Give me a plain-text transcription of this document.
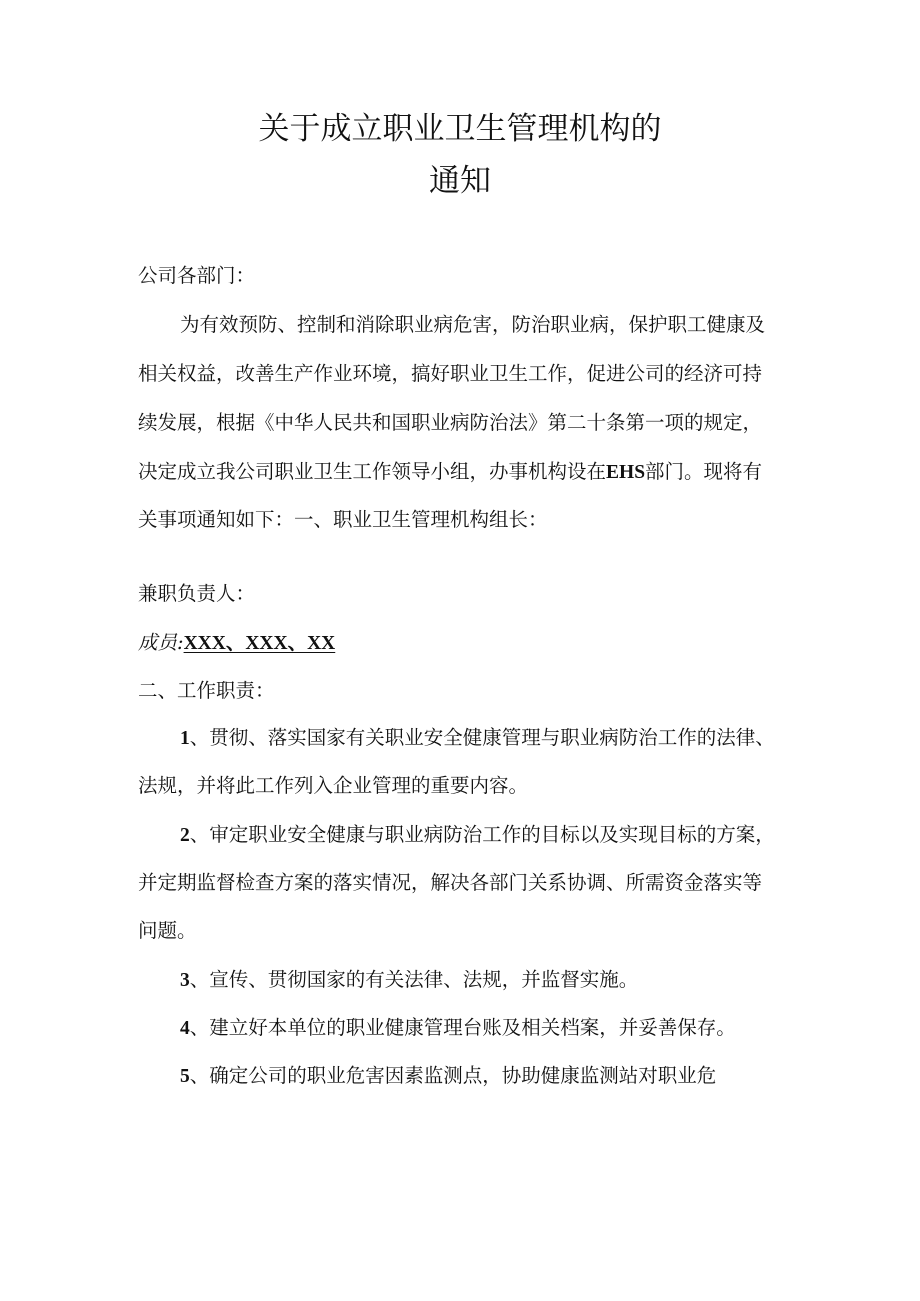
关于成立职业卫生管理机构的
通知
公司各部门：
为有效预防、控制和消除职业病危害，防治职业病，保护职工健康及
相关权益，改善生产作业环境，搞好职业卫生工作，促进公司的经济可持
续发展，根据《中华人民共和国职业病防治法》第二十条第一项的规定，
决定成立我公司职业卫生工作领导小组，办事机构设在EHS部门。现将有
关事项通知如下：一、职业卫生管理机构组长：
兼职负责人：
成员:XXX、XXX、XX
二、工作职责：
1、贯彻、落实国家有关职业安全健康管理与职业病防治工作的法律、
法规，并将此工作列入企业管理的重要内容。
2、审定职业安全健康与职业病防治工作的目标以及实现目标的方案，
并定期监督检查方案的落实情况，解决各部门关系协调、所需资金落实等
问题。
3、宣传、贯彻国家的有关法律、法规，并监督实施。
4、建立好本单位的职业健康管理台账及相关档案，并妥善保存。
5、确定公司的职业危害因素监测点，协助健康监测站对职业危
